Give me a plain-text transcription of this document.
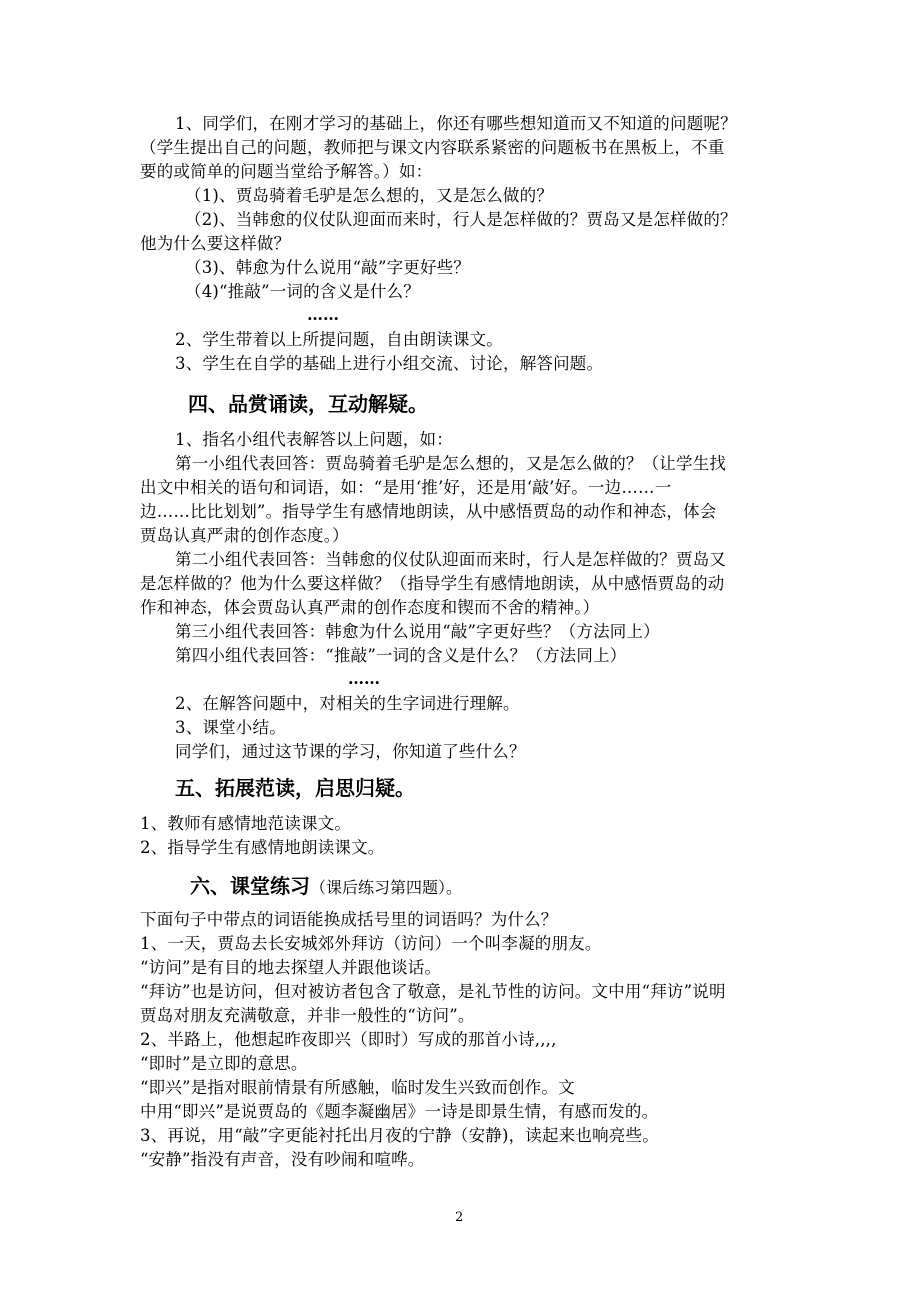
1、同学们，在刚才学习的基础上，你还有哪些想知道而又不知道的问题呢？
（学生提出自己的问题，教师把与课文内容联系紧密的问题板书在黑板上，不重
要的或简单的问题当堂给予解答。）如：
（1)、贾岛骑着毛驴是怎么想的，又是怎么做的？
（2)、当韩愈的仪仗队迎面而来时，行人是怎样做的？贾岛又是怎样做的？
他为什么要这样做？
（3)、韩愈为什么说用“敲”字更好些？
（4)“推敲”一词的含义是什么？
……
2、学生带着以上所提问题，自由朗读课文。
3、学生在自学的基础上进行小组交流、讨论，解答问题。
四、品赏诵读，互动解疑。
1、指名小组代表解答以上问题，如：
第一小组代表回答：贾岛骑着毛驴是怎么想的，又是怎么做的？（让学生找
出文中相关的语句和词语，如：“是用‘推’好，还是用‘敲’好。一边……一
边……比比划划”。指导学生有感情地朗读，从中感悟贾岛的动作和神态，体会
贾岛认真严肃的创作态度。）
第二小组代表回答：当韩愈的仪仗队迎面而来时，行人是怎样做的？贾岛又
是怎样做的？他为什么要这样做？（指导学生有感情地朗读，从中感悟贾岛的动
作和神态，体会贾岛认真严肃的创作态度和锲而不舍的精神。）
第三小组代表回答：韩愈为什么说用“敲”字更好些？（方法同上）
第四小组代表回答：“推敲”一词的含义是什么？（方法同上）
……
2、在解答问题中，对相关的生字词进行理解。
3、课堂小结。
同学们，通过这节课的学习，你知道了些什么？
五、拓展范读，启思归疑。
1、教师有感情地范读课文。
2、指导学生有感情地朗读课文。
六、课堂练习（课后练习第四题）。
下面句子中带点的词语能换成括号里的词语吗？为什么？
1、一天，贾岛去长安城郊外拜访（访问）一个叫李凝的朋友。
“访问”是有目的地去探望人并跟他谈话。
“拜访”也是访问，但对被访者包含了敬意，是礼节性的访问。文中用“拜访”说明
贾岛对朋友充满敬意，并非一般性的“访问”。
2、半路上，他想起昨夜即兴（即时）写成的那首小诗,,,,
“即时”是立即的意思。
“即兴”是指对眼前情景有所感触，临时发生兴致而创作。文
中用“即兴”是说贾岛的《题李凝幽居》一诗是即景生情，有感而发的。
3、再说，用“敲”字更能衬托出月夜的宁静（安静)，读起来也响亮些。
“安静”指没有声音，没有吵闹和喧哗。
2
